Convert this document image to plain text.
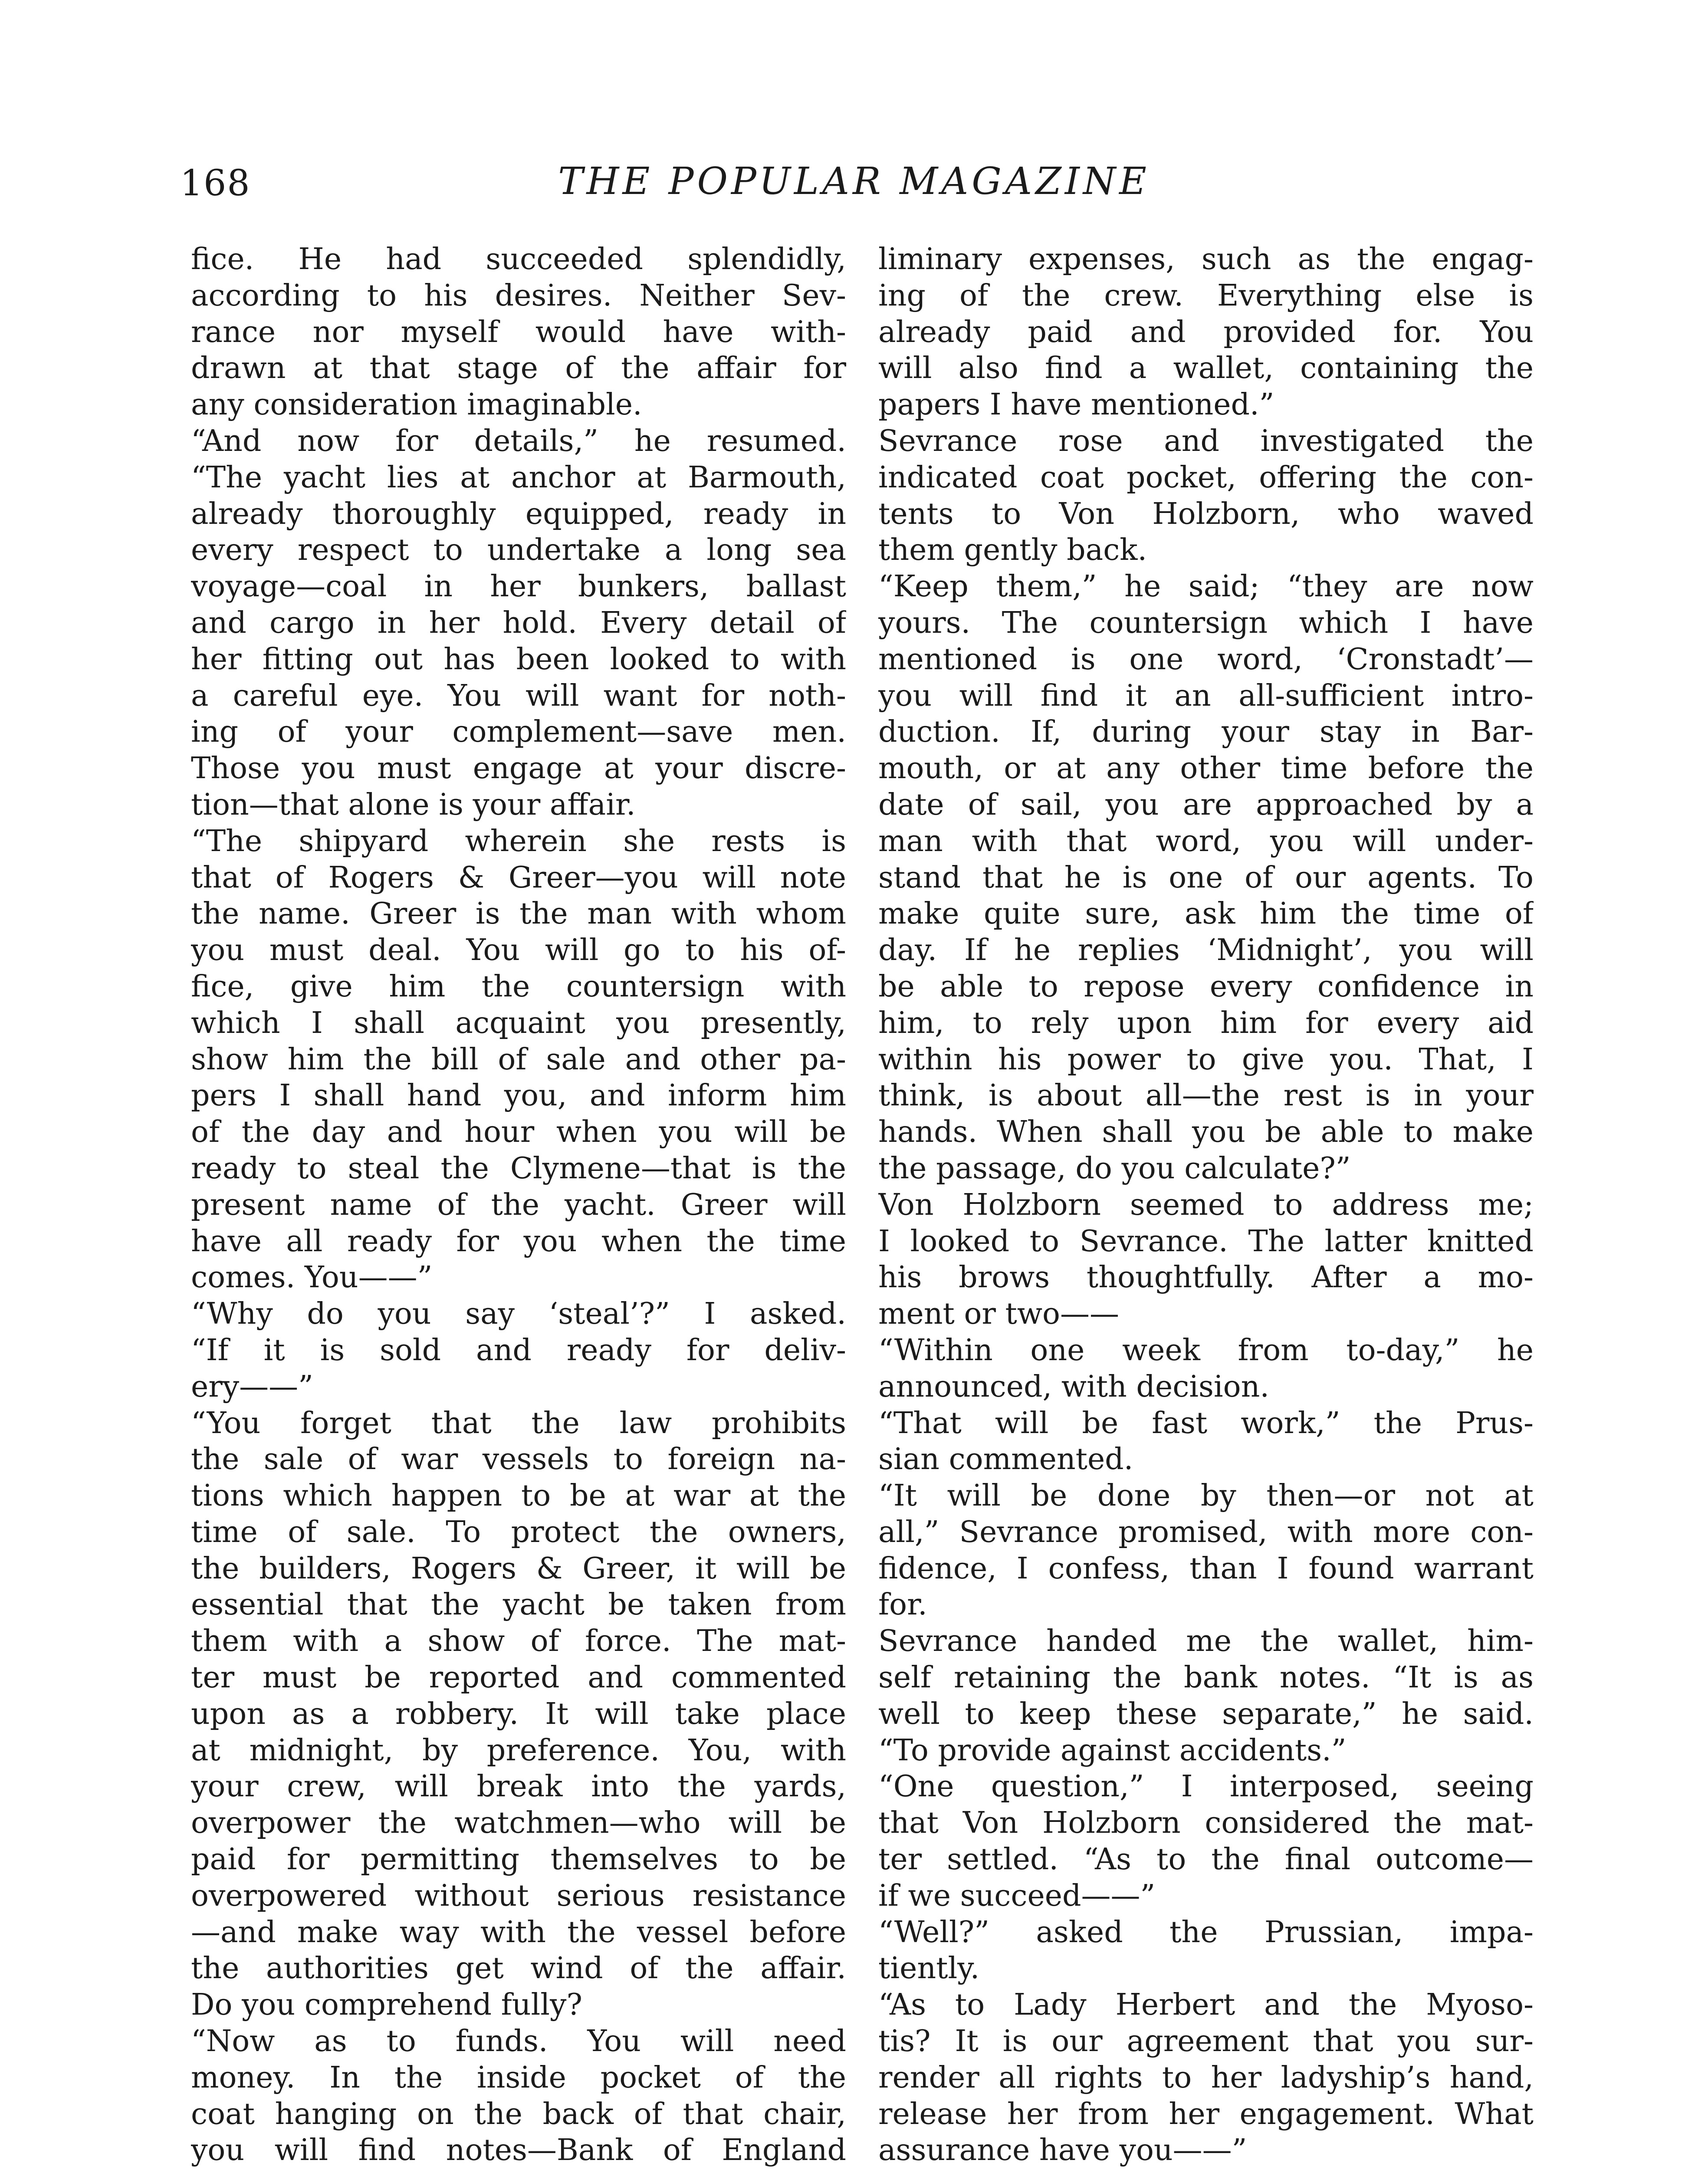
168	THE POPULAR MAGAZINE
fice. He had succeeded splendidly,
according to his desires. Neither Sev-
rance nor myself would have with-
drawn at that stage of the affair for
any consideration imaginable.
“And now for details,” he resumed.
“The yacht lies at anchor at Barmouth,
already thoroughly equipped, ready in
every respect to undertake a long sea
voyage—coal in her bunkers, ballast
and cargo in her hold. Every detail of
her fitting out has been looked to with
a careful eye. You will want for noth-
ing of your complement—save men.
Those you must engage at your discre-
tion—that alone is your affair.
“The shipyard wherein she rests is
that of Rogers & Greer—you will note
the name. Greer is the man with whom
you must deal. You will go to his of-
fice, give him the countersign with
which I shall acquaint you presently,
show him the bill of sale and other pa-
pers I shall hand you, and inform him
of the day and hour when you will be
ready to steal the Clymene—that is the
present name of the yacht. Greer will
have all ready for you when the time
comes. You——”
“Why do you say ‘steal’?” I asked.
“If it is sold and ready for deliv-
ery——”
“You forget that the law prohibits
the sale of war vessels to foreign na-
tions which happen to be at war at the
time of sale. To protect the owners,
the builders, Rogers & Greer, it will be
essential that the yacht be taken from
them with a show of force. The mat-
ter must be reported and commented
upon as a robbery. It will take place
at midnight, by preference. You, with
your crew, will break into the yards,
overpower the watchmen—who will be
paid for permitting themselves to be
overpowered without serious resistance
—and make way with the vessel before
the authorities get wind of the affair.
Do you comprehend fully?
“Now as to funds. You will need
money. In the inside pocket of the
coat hanging on the back of that chair,
you will find notes—Bank of England
liminary expenses, such as the engag-
ing of the crew. Everything else is
already paid and provided for. You
will also find a wallet, containing the
papers I have mentioned.”
Sevrance rose and investigated the
indicated coat pocket, offering the con-
tents to Von Holzborn, who waved
them gently back.
“Keep them,” he said; “they are now
yours. The countersign which I have
mentioned is one word, ‘Cronstadt’—
you will find it an all-sufficient intro-
duction. If, during your stay in Bar-
mouth, or at any other time before the
date of sail, you are approached by a
man with that word, you will under-
stand that he is one of our agents. To
make quite sure, ask him the time of
day. If he replies ‘Midnight’, you will
be able to repose every confidence in
him, to rely upon him for every aid
within his power to give you. That, I
think, is about all—the rest is in your
hands. When shall you be able to make
the passage, do you calculate?”
Von Holzborn seemed to address me;
I looked to Sevrance. The latter knitted
his brows thoughtfully. After a mo-
ment or two——
“Within one week from to-day,” he
announced, with decision.
“That will be fast work,” the Prus-
sian commented.
“It will be done by then—or not at
all,” Sevrance promised, with more con-
fidence, I confess, than I found warrant
for.
Sevrance handed me the wallet, him-
self retaining the bank notes. “It is as
well to keep these separate,” he said.
“To provide against accidents.”
“One question,” I interposed, seeing
that Von Holzborn considered the mat-
ter settled. “As to the final outcome—
if we succeed——”
“Well?” asked the Prussian, impa-
tiently.
“As to Lady Herbert and the Myoso-
tis? It is our agreement that you sur-
render all rights to her ladyship’s hand,
release her from her engagement. What
assurance have you——”
